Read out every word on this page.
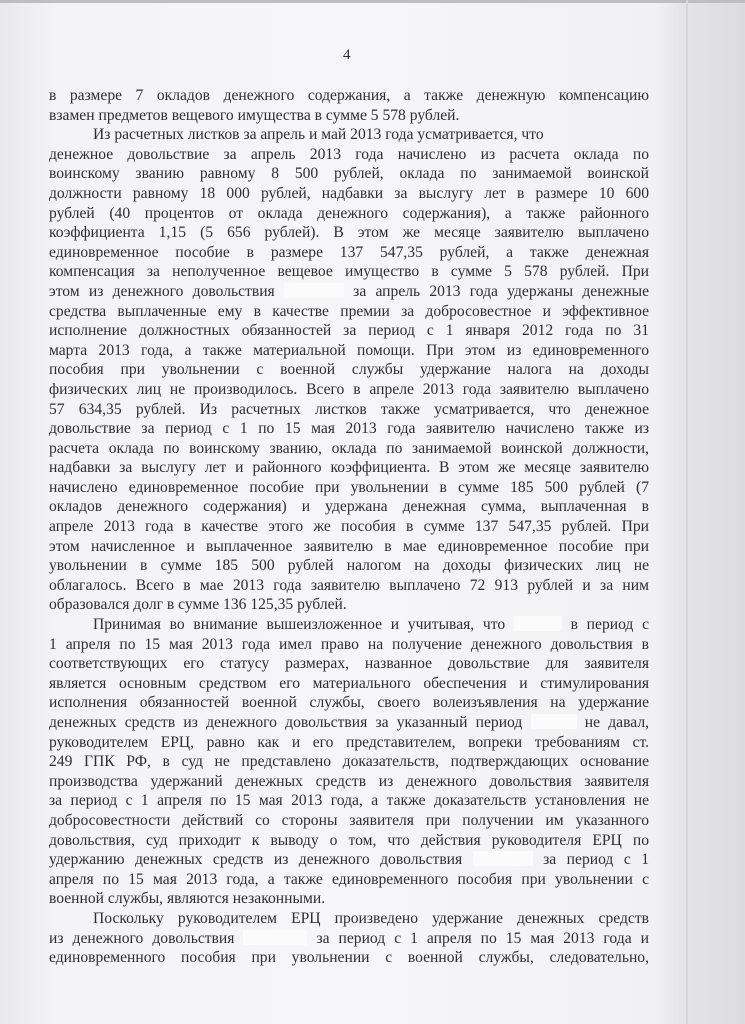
4
в размере 7 окладов денежного содержания, а также денежную компенсацию
взамен предметов вещевого имущества в сумме 5 578 рублей.
Из расчетных листков за апрель и май 2013 года усматривается, что
денежное довольствие за апрель 2013 года начислено из расчета оклада по
воинскому званию равному 8 500 рублей, оклада по занимаемой воинской
должности равному 18 000 рублей, надбавки за выслугу лет в размере 10 600
рублей (40 процентов от оклада денежного содержания), а также районного
коэффициента 1,15 (5 656 рублей). В этом же месяце заявителю выплачено
единовременное пособие в размере 137 547,35 рублей, а также денежная
компенсация за неполученное вещевое имущество в сумме 5 578 рублей. При
этом из денежного довольствия	за апрель 2013 года удержаны денежные
средства выплаченные ему в качестве премии за добросовестное и эффективное
исполнение должностных обязанностей за период с 1 января 2012 года по 31
марта 2013 года, а также материальной помощи. При этом из единовременного
пособия при увольнении с военной службы удержание налога на доходы
физических лиц не производилось. Всего в апреле 2013 года заявителю выплачено
57 634,35 рублей. Из расчетных листков также усматривается, что денежное
довольствие за период с 1 по 15 мая 2013 года заявителю начислено также из
расчета оклада по воинскому званию, оклада по занимаемой воинской должности,
надбавки за выслугу лет и районного коэффициента. В этом же месяце заявителю
начислено единовременное пособие при увольнении в сумме 185 500 рублей (7
окладов денежного содержания) и удержана денежная сумма, выплаченная в
апреле 2013 года в качестве этого же пособия в сумме 137 547,35 рублей. При
этом начисленное и выплаченное заявителю в мае единовременное пособие при
увольнении в сумме 185 500 рублей налогом на доходы физических лиц не
облагалось. Всего в мае 2013 года заявителю выплачено 72 913 рублей и за ним
образовался долг в сумме 136 125,35 рублей.
Принимая во внимание вышеизложенное и учитывая, что	в период с
1 апреля по 15 мая 2013 года имел право на получение денежного довольствия в
соответствующих его статусу размерах, названное довольствие для заявителя
является основным средством его материального обеспечения и стимулирования
исполнения обязанностей военной службы, своего волеизъявления на удержание
денежных средств из денежного довольствия за указанный период	не давал,
руководителем ЕРЦ, равно как и его представителем, вопреки требованиям ст.
249 ГПК РФ, в суд не представлено доказательств, подтверждающих основание
производства удержаний денежных средств из денежного довольствия заявителя
за период с 1 апреля по 15 мая 2013 года, а также доказательств установления не
добросовестности действий со стороны заявителя при получении им указанного
довольствия, суд приходит к выводу о том, что действия руководителя ЕРЦ по
удержанию денежных средств из денежного довольствия	за период с 1
апреля по 15 мая 2013 года, а также единовременного пособия при увольнении с
военной службы, являются незаконными.
Поскольку руководителем ЕРЦ произведено удержание денежных средств
из денежного довольствия	за период с 1 апреля по 15 мая 2013 года и
единовременного пособия при увольнении с военной службы, следовательно,
